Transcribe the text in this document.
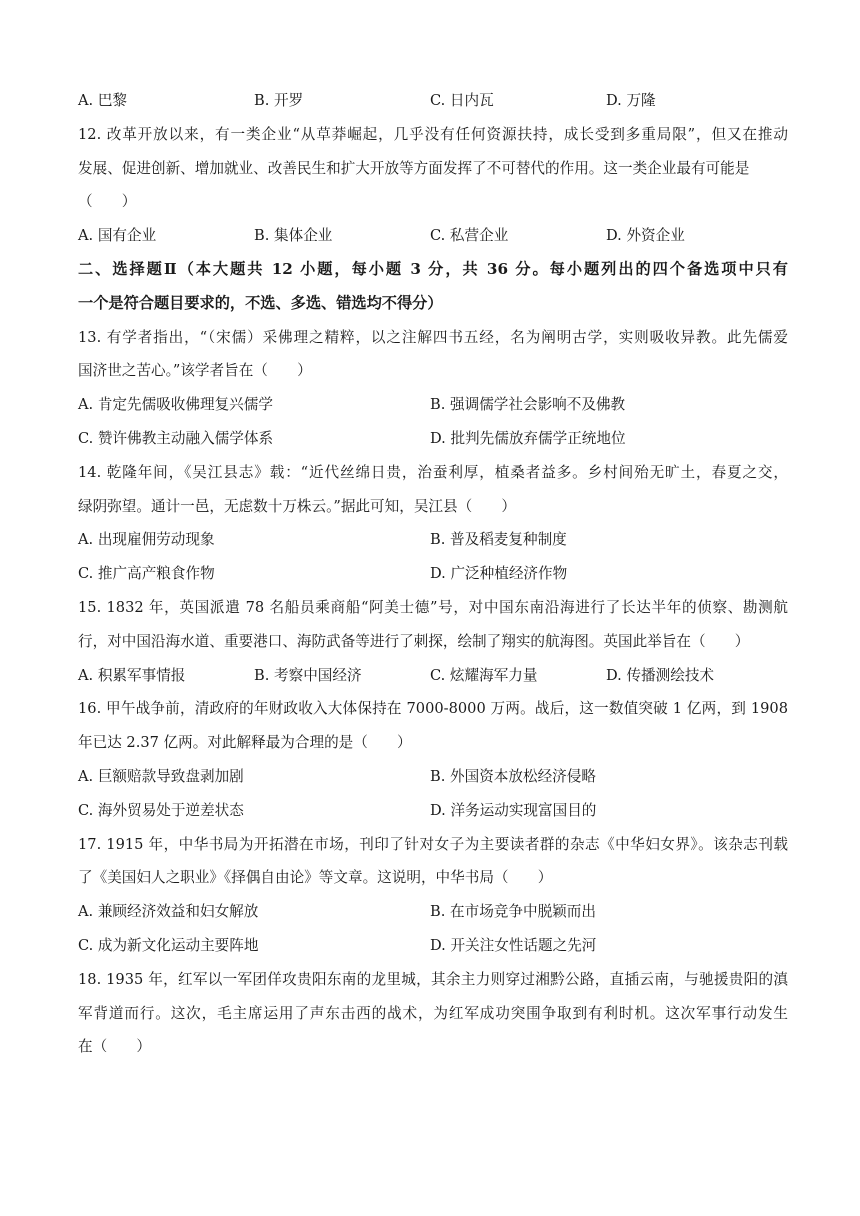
A. 巴黎	B. 开罗	C. 日内瓦	D. 万隆
12. 改革开放以来，有一类企业“从草莽崛起，几乎没有任何资源扶持，成长受到多重局限”，但又在推动
发展、促进创新、增加就业、改善民生和扩大开放等方面发挥了不可替代的作用。这一类企业最有可能是
（　　）
A. 国有企业	B. 集体企业	C. 私营企业	D. 外资企业
二、选择题Ⅱ（本大题共 12 小题，每小题 3 分，共 36 分。每小题列出的四个备选项中只有
一个是符合题目要求的，不选、多选、错选均不得分）
13. 有学者指出，“（宋儒）采佛理之精粹，以之注解四书五经，名为阐明古学，实则吸收异教。此先儒爱
国济世之苦心。”该学者旨在（　　）
A. 肯定先儒吸收佛理复兴儒学	B. 强调儒学社会影响不及佛教
C. 赞许佛教主动融入儒学体系	D. 批判先儒放弃儒学正统地位
14. 乾隆年间，《吴江县志》载：“近代丝绵日贵，治蚕利厚，植桑者益多。乡村间殆无旷土，春夏之交，
绿阴弥望。通计一邑，无虑数十万株云。”据此可知，吴江县（　　）
A. 出现雇佣劳动现象	B. 普及稻麦复种制度
C. 推广高产粮食作物	D. 广泛种植经济作物
15. 1832 年，英国派遣 78 名船员乘商船“阿美士德”号，对中国东南沿海进行了长达半年的侦察、勘测航
行，对中国沿海水道、重要港口、海防武备等进行了刺探，绘制了翔实的航海图。英国此举旨在（　　）
A. 积累军事情报	B. 考察中国经济	C. 炫耀海军力量	D. 传播测绘技术
16. 甲午战争前，清政府的年财政收入大体保持在 7000-8000 万两。战后，这一数值突破 1 亿两，到 1908
年已达 2.37 亿两。对此解释最为合理的是（　　）
A. 巨额赔款导致盘剥加剧	B. 外国资本放松经济侵略
C. 海外贸易处于逆差状态	D. 洋务运动实现富国目的
17. 1915 年，中华书局为开拓潜在市场，刊印了针对女子为主要读者群的杂志《中华妇女界》。该杂志刊载
了《美国妇人之职业》《择偶自由论》等文章。这说明，中华书局（　　）
A. 兼顾经济效益和妇女解放	B. 在市场竞争中脱颖而出
C. 成为新文化运动主要阵地	D. 开关注女性话题之先河
18. 1935 年，红军以一军团佯攻贵阳东南的龙里城，其余主力则穿过湘黔公路，直插云南，与驰援贵阳的滇
军背道而行。这次，毛主席运用了声东击西的战术，为红军成功突围争取到有利时机。这次军事行动发生
在（　　）
